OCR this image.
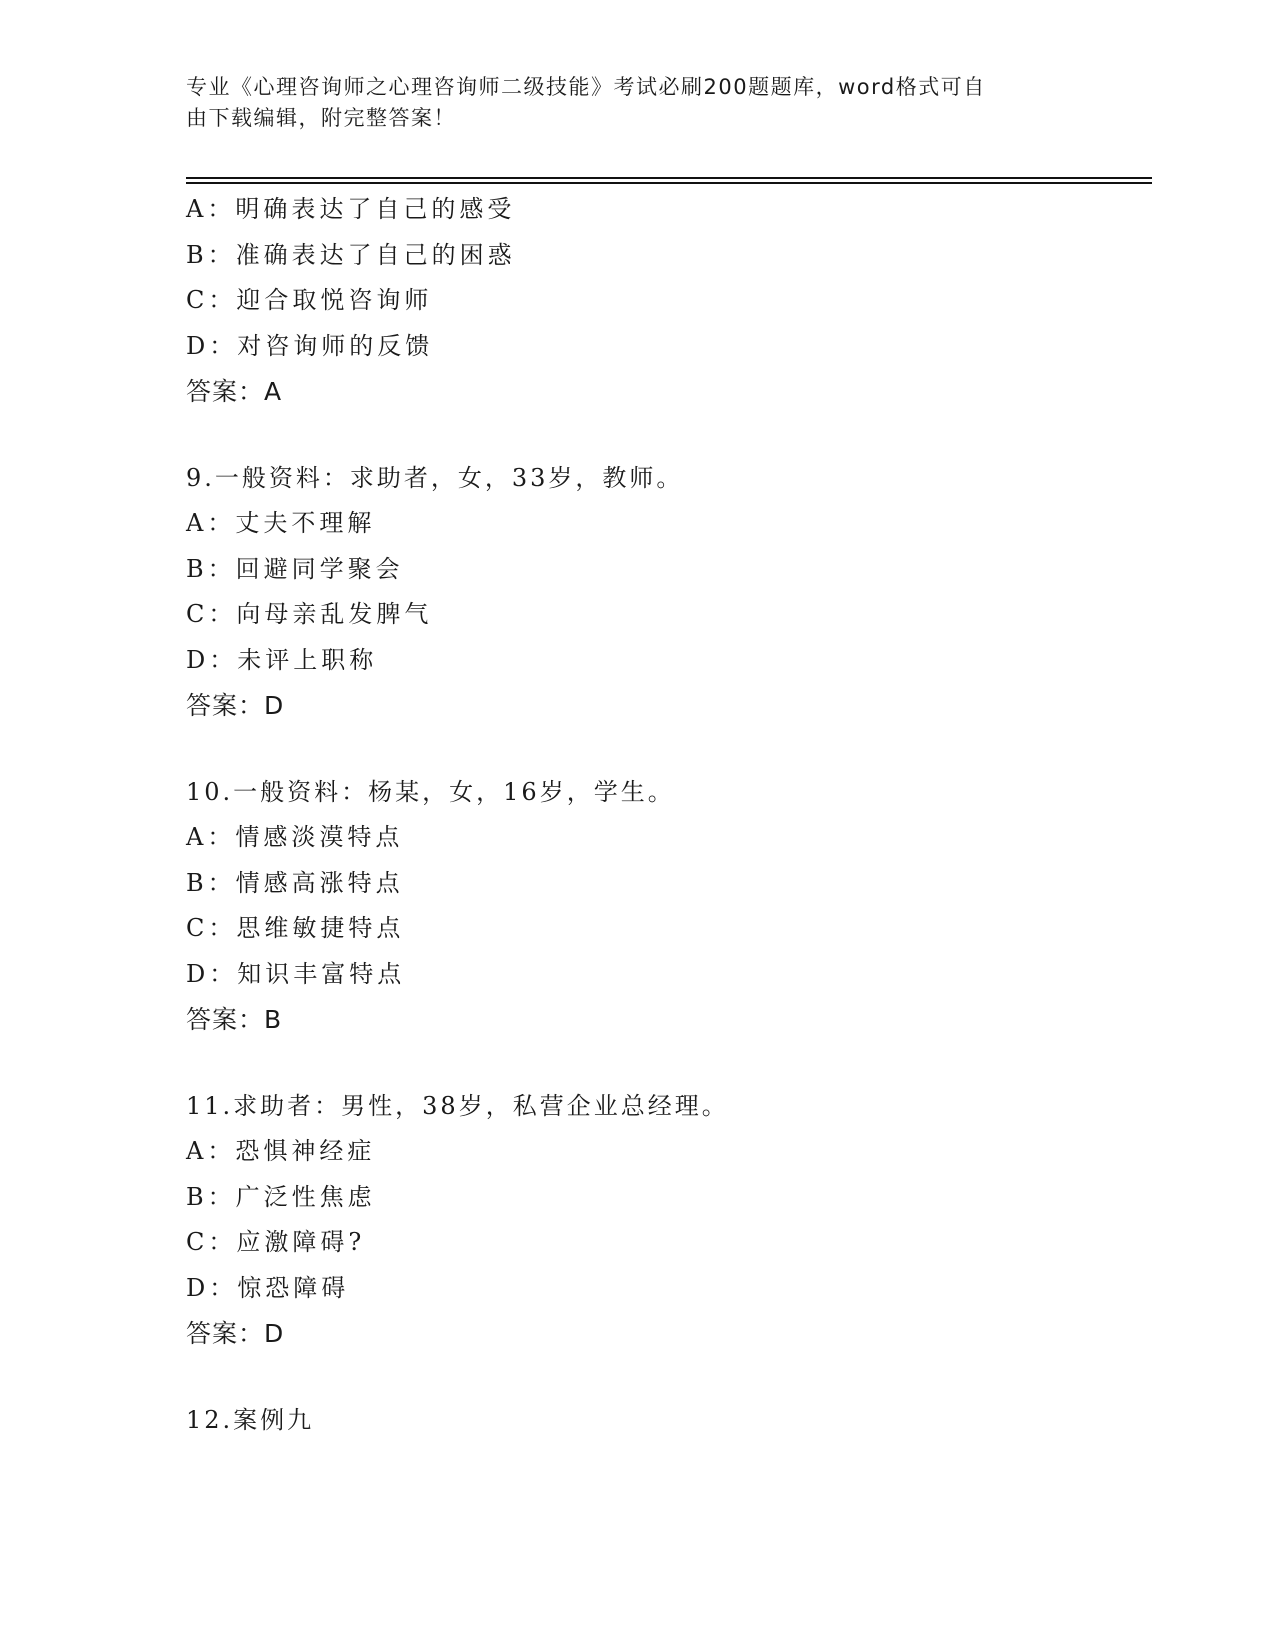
专业《心理咨询师之心理咨询师二级技能》考试必刷200题题库，word格式可自
由下载编辑，附完整答案！
A：明确表达了自己的感受
B：准确表达了自己的困惑
C：迎合取悦咨询师
D：对咨询师的反馈
答案：A
9.一般资料：求助者，女，33岁，教师。
A：丈夫不理解
B：回避同学聚会
C：向母亲乱发脾气
D：未评上职称
答案：D
10.一般资料：杨某，女，16岁，学生。
A：情感淡漠特点
B：情感高涨特点
C：思维敏捷特点
D：知识丰富特点
答案：B
11.求助者：男性，38岁，私营企业总经理。
A：恐惧神经症
B：广泛性焦虑
C：应激障碍?
D：惊恐障碍
答案：D
12.案例九
